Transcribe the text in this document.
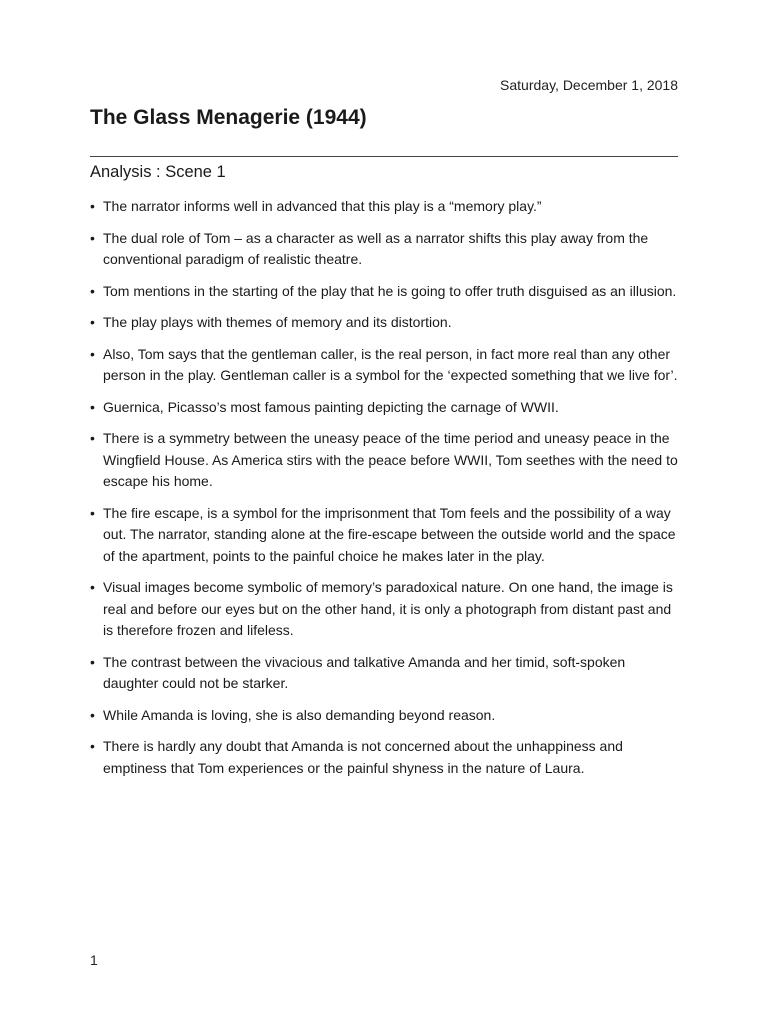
Saturday, December 1, 2018
The Glass Menagerie (1944)
Analysis : Scene 1
• The narrator informs well in advanced that this play is a “memory play.”
• The dual role of Tom – as a character as well as a narrator shifts this play away from the conventional paradigm of realistic theatre.
• Tom mentions in the starting of the play that he is going to offer truth disguised as an illusion.
• The play plays with themes of memory and its distortion.
• Also, Tom says that the gentleman caller, is the real person, in fact more real than any other person in the play. Gentleman caller is a symbol for the ‘expected something that we live for’.
• Guernica, Picasso’s most famous painting depicting the carnage of WWII.
• There is a symmetry between the uneasy peace of the time period and uneasy peace in the Wingfield House. As America stirs with the peace before WWII, Tom seethes with the need to escape his home.
• The fire escape, is a symbol for the imprisonment that Tom feels and the possibility of a way out. The narrator, standing alone at the fire-escape between the outside world and the space of the apartment, points to the painful choice he makes later in the play.
• Visual images become symbolic of memory’s paradoxical nature. On one hand, the image is real and before our eyes but on the other hand, it is only a photograph from distant past and is therefore frozen and lifeless.
• The contrast between the vivacious and talkative Amanda and her timid, soft-spoken daughter could not be starker.
• While Amanda is loving, she is also demanding beyond reason.
• There is hardly any doubt that Amanda is not concerned about the unhappiness and emptiness that Tom experiences or the painful shyness in the nature of Laura.
1
